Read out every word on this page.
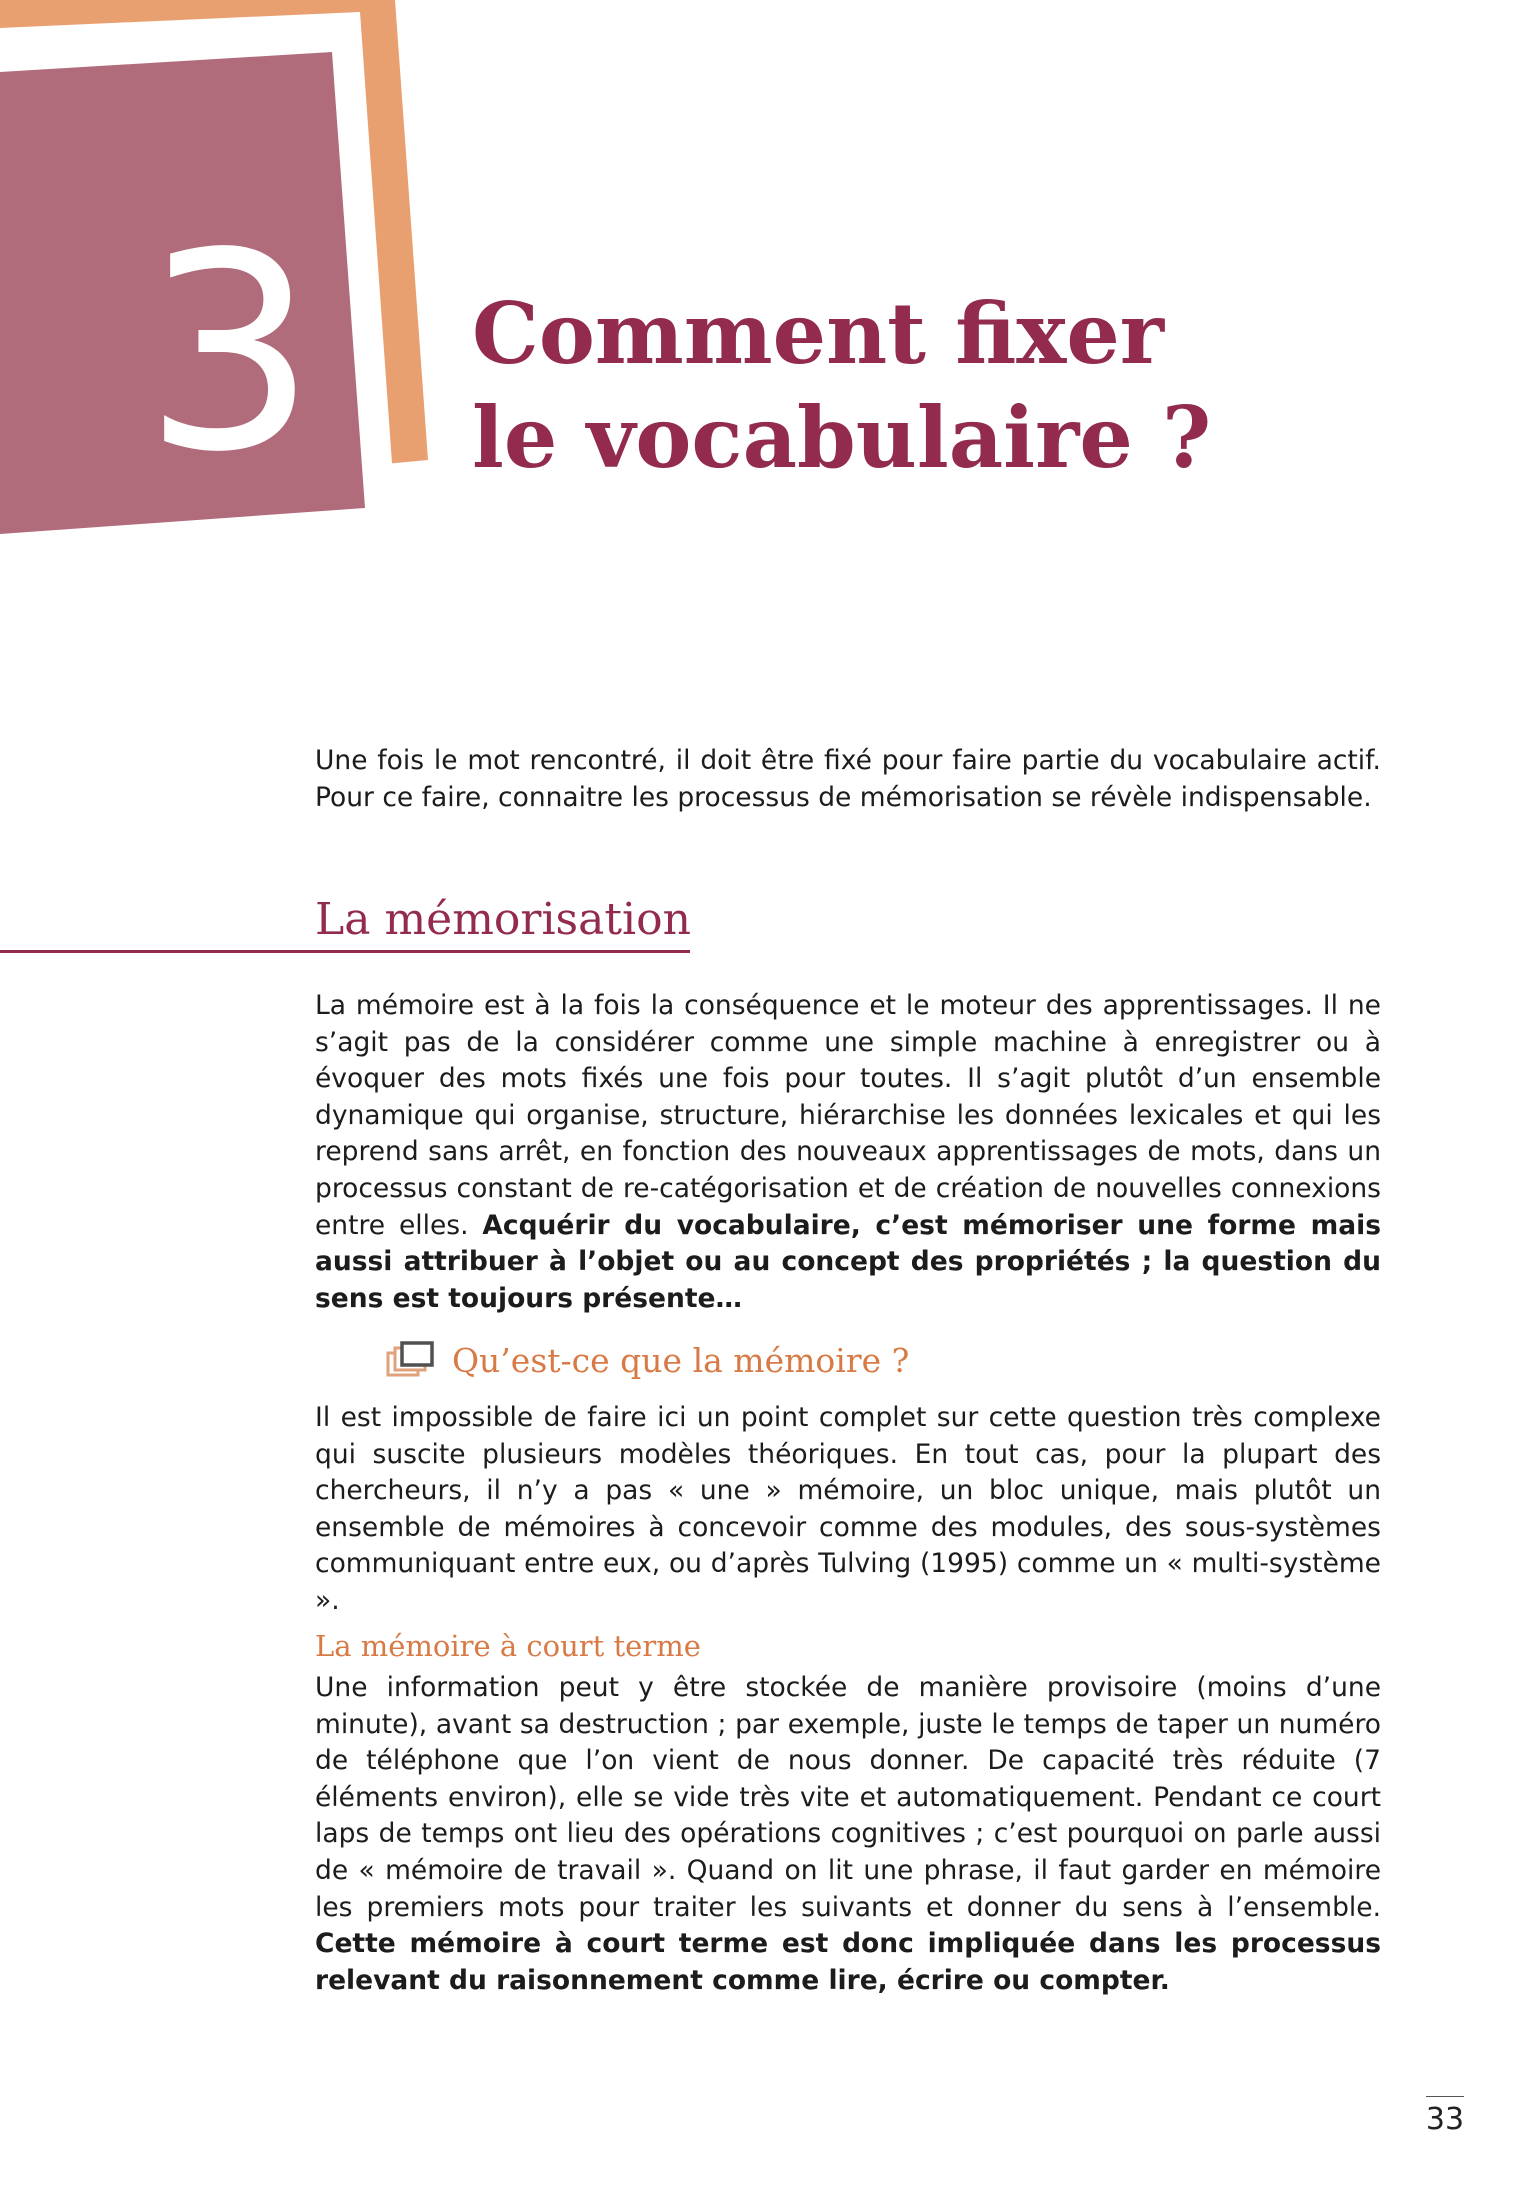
3 Comment fixer
le vocabulaire ?

Une fois le mot rencontré, il doit être fixé pour faire partie du vocabulaire actif. Pour ce faire, connaitre les processus de mémorisation se révèle indispensable.

La mémorisation

La mémoire est à la fois la conséquence et le moteur des apprentissages. Il ne s’agit pas de la considérer comme une simple machine à enregistrer ou à évoquer des mots fixés une fois pour toutes. Il s’agit plutôt d’un ensemble dynamique qui organise, structure, hiérarchise les données lexicales et qui les reprend sans arrêt, en fonction des nouveaux apprentissages de mots, dans un processus constant de re-catégorisation et de création de nouvelles connexions entre elles. Acquérir du vocabulaire, c’est mémoriser une forme mais aussi attribuer à l’objet ou au concept des propriétés ; la question du sens est toujours présente…

Qu’est-ce que la mémoire ?

Il est impossible de faire ici un point complet sur cette question très complexe qui suscite plusieurs modèles théoriques. En tout cas, pour la plupart des chercheurs, il n’y a pas « une » mémoire, un bloc unique, mais plutôt un ensemble de mémoires à concevoir comme des modules, des sous-systèmes communiquant entre eux, ou d’après Tulving (1995) comme un « multi-système ».

La mémoire à court terme

Une information peut y être stockée de manière provisoire (moins d’une minute), avant sa destruction ; par exemple, juste le temps de taper un numéro de téléphone que l’on vient de nous donner. De capacité très réduite (7 éléments environ), elle se vide très vite et automatiquement. Pendant ce court laps de temps ont lieu des opérations cognitives ; c’est pourquoi on parle aussi de « mémoire de travail ». Quand on lit une phrase, il faut garder en mémoire les premiers mots pour traiter les suivants et donner du sens à l’ensemble. Cette mémoire à court terme est donc impliquée dans les processus relevant du raisonnement comme lire, écrire ou compter.

33
